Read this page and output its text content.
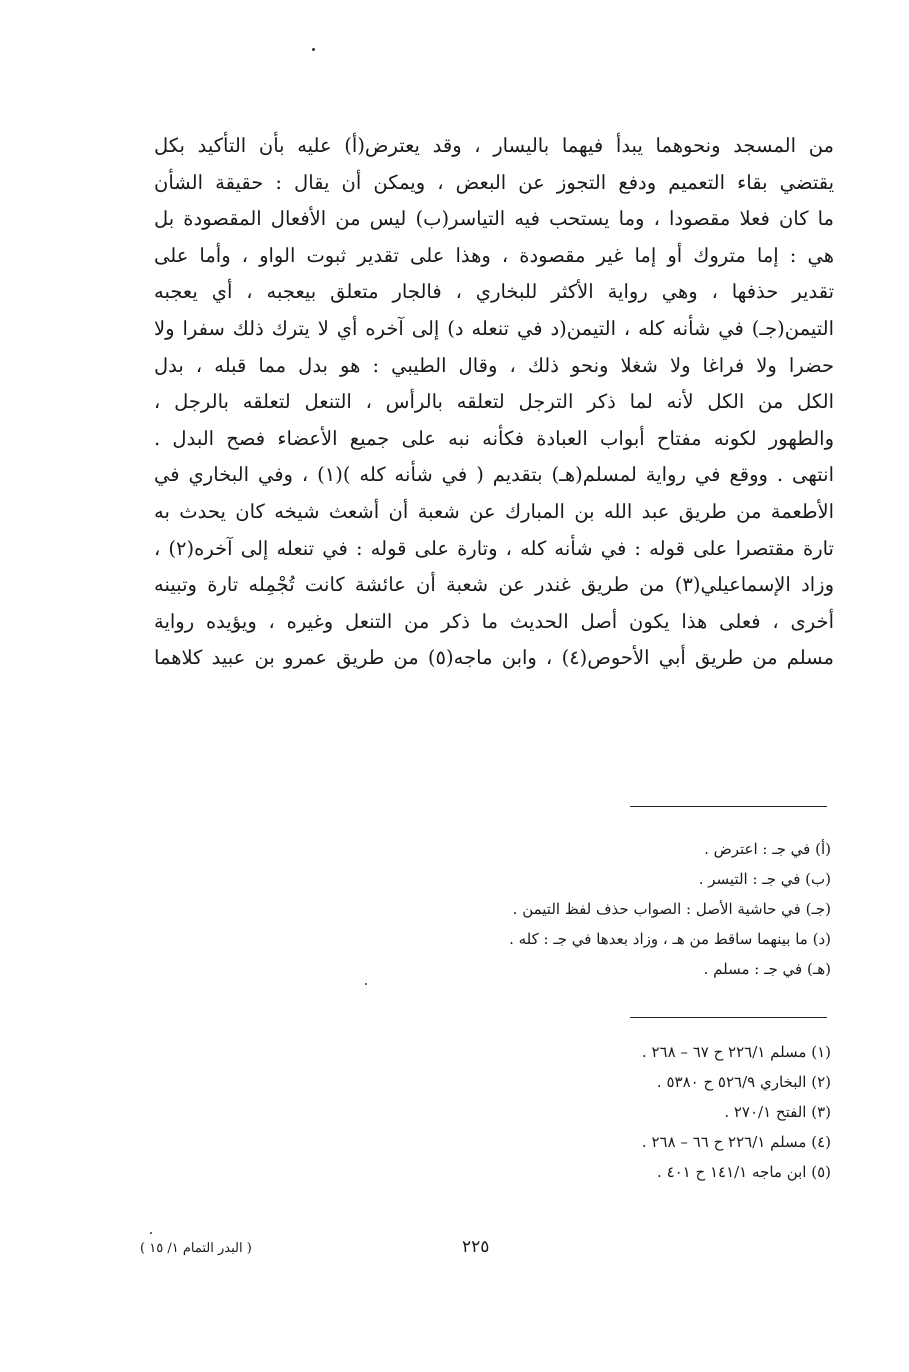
من المسجد ونحوهما يبدأ فيهما باليسار ، وقد يعترض(أ) عليه بأن التأكيد بكل
يقتضي بقاء التعميم ودفع التجوز عن البعض ، ويمكن أن يقال : حقيقة الشأن
ما كان فعلا مقصودا ، وما يستحب فيه التياسر(ب) ليس من الأفعال المقصودة بل
هي : إما متروك أو إما غير مقصودة ، وهذا على تقدير ثبوت الواو ، وأما على
تقدير حذفها ، وهي رواية الأكثر للبخاري ، فالجار متعلق بيعجبه ، أي يعجبه
التيمن(جـ) في شأنه كله ، التيمن(د في تنعله د) إلى آخره أي لا يترك ذلك سفرا ولا
حضرا ولا فراغا ولا شغلا ونحو ذلك ، وقال الطيبي : هو بدل مما قبله ، بدل
الكل من الكل لأنه لما ذكر الترجل لتعلقه بالرأس ، التنعل لتعلقه بالرجل ،
والطهور لكونه مفتاح أبواب العبادة فكأنه نبه على جميع الأعضاء فصح البدل .
انتهى . ووقع في رواية لمسلم(هـ) بتقديم ( في شأنه كله )(١) ، وفي البخاري في
الأطعمة من طريق عبد الله بن المبارك عن شعبة أن أشعث شيخه كان يحدث به
تارة مقتصرا على قوله : في شأنه كله ، وتارة على قوله : في تنعله إلى آخره(٢) ،
وزاد الإسماعيلي(٣) من طريق غندر عن شعبة أن عائشة كانت تُجْمِله تارة وتبينه
أخرى ، فعلى هذا يكون أصل الحديث ما ذكر من التنعل وغيره ، ويؤيده رواية
مسلم من طريق أبي الأحوص(٤) ، وابن ماجه(٥) من طريق عمرو بن عبيد كلاهما
(أ) في جـ : اعترض .
(ب) في جـ : التيسر .
(جـ) في حاشية الأصل : الصواب حذف لفظ التيمن .
(د) ما بينهما ساقط من هـ ، وزاد بعدها في جـ : كله .
(هـ) في جـ : مسلم .
(١) مسلم ٢٢٦/١ ح ٦٧ – ٢٦٨ .
(٢) البخاري ٥٢٦/٩ ح ٥٣٨٠ .
(٣) الفتح ٢٧٠/١ .
(٤) مسلم ٢٢٦/١ ح ٦٦ – ٢٦٨ .
(٥) ابن ماجه ١٤١/١ ح ٤٠١ .
٢٢٥
( البدر التمام ١/ ١٥ )
